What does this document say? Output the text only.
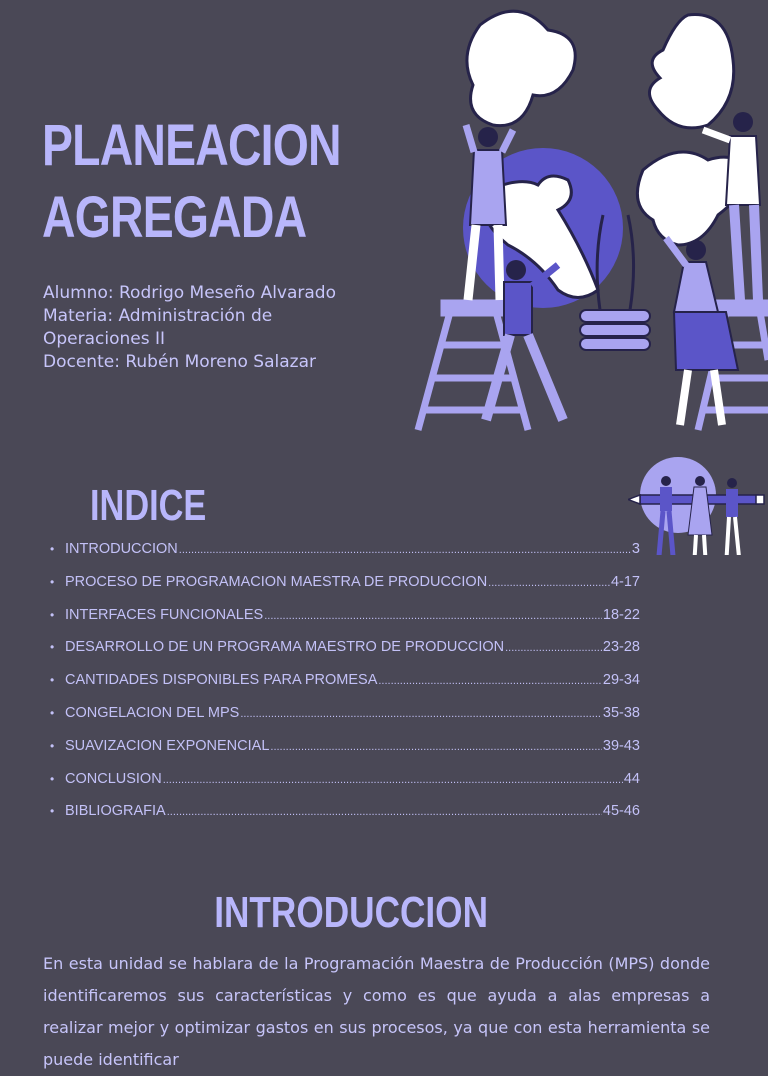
PLANEACION
AGREGADA
Alumno: Rodrigo Meseño Alvarado
Materia: Administración de Operaciones II
Docente: Rubén Moreno Salazar
INDICE
• INTRODUCCION .....	3
• PROCESO DE PROGRAMACION MAESTRA DE PRODUCCION .....	4-17
• INTERFACES FUNCIONALES .....	18-22
• DESARROLLO DE UN PROGRAMA MAESTRO DE PRODUCCION .....	23-28
• CANTIDADES DISPONIBLES PARA PROMESA .....	29-34
• CONGELACION DEL MPS .....	35-38
• SUAVIZACION EXPONENCIAL .....	39-43
• CONCLUSION .....	44
• BIBLIOGRAFIA .....	45-46
INTRODUCCION

En esta unidad se hablara de la Programación Maestra de Producción (MPS) donde identificaremos sus características y como es que ayuda a alas empresas a realizar mejor y optimizar gastos en sus procesos, ya que con esta herramienta se puede identificar
